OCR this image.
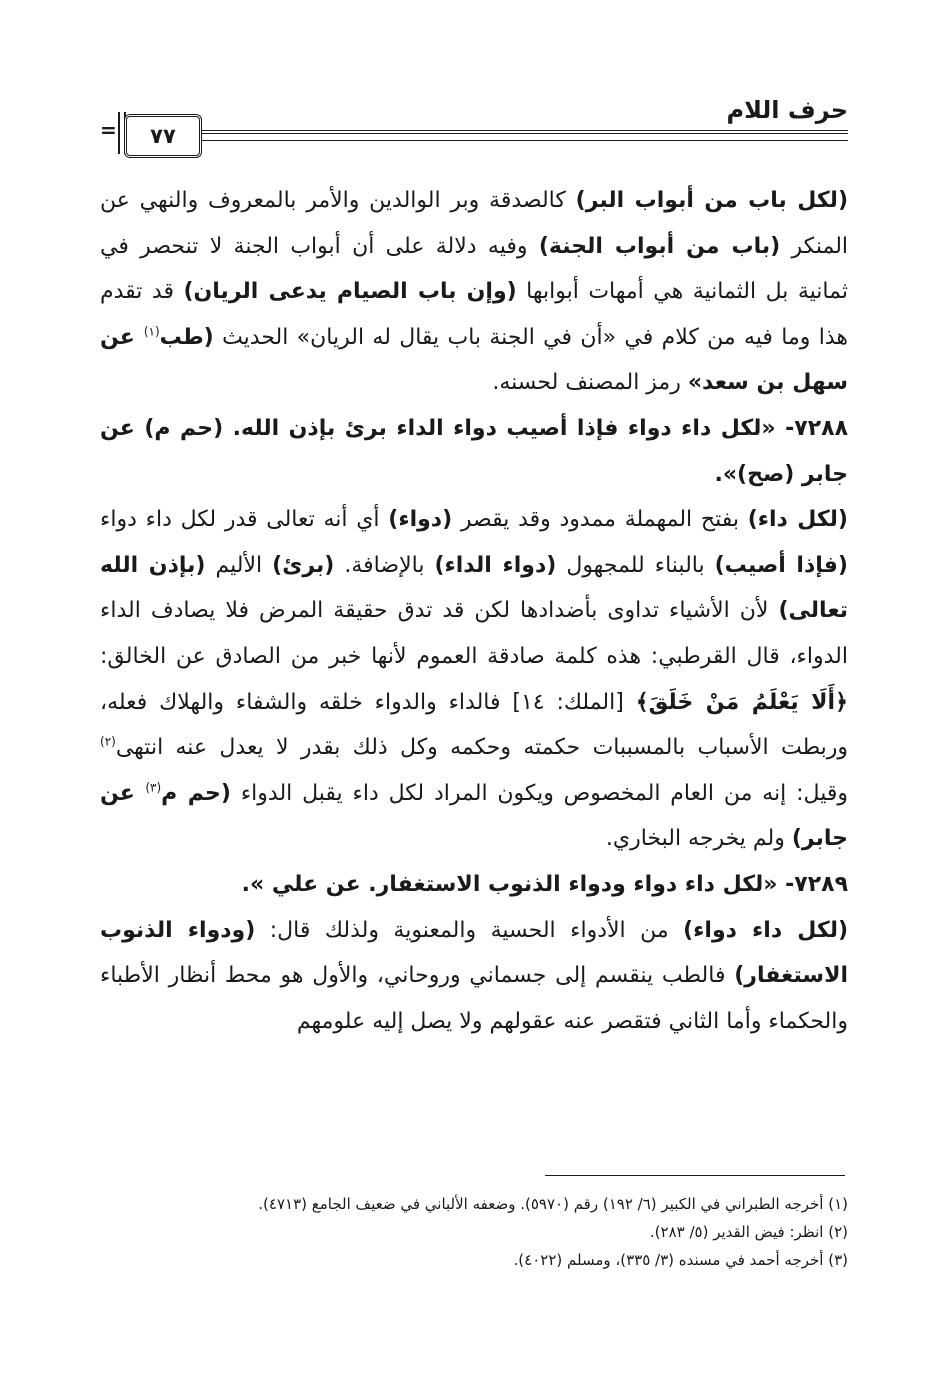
حرف اللام
٧٧
=

(لكل باب من أبواب البر) كالصدقة وبر الوالدين والأمر بالمعروف والنهي عن المنكر (باب من أبواب الجنة) وفيه دلالة على أن أبواب الجنة لا تنحصر في ثمانية بل الثمانية هي أمهات أبوابها (وإن باب الصيام يدعى الريان) قد تقدم هذا وما فيه من كلام في «أن في الجنة باب يقال له الريان» الحديث (طب$^{(١)}$ عن سهل بن سعد» رمز المصنف لحسنه.

٧٢٨٨- «لكل داء دواء فإذا أصيب دواء الداء برئ بإذن الله. (حم م) عن جابر (صح)».

(لكل داء) بفتح المهملة ممدود وقد يقصر (دواء) أي أنه تعالى قدر لكل داء دواء (فإذا أصيب) بالبناء للمجهول (دواء الداء) بالإضافة. (برئ) الأليم (بإذن الله تعالى) لأن الأشياء تداوى بأضدادها لكن قد تدق حقيقة المرض فلا يصادف الداء الدواء، قال القرطبي: هذه كلمة صادقة العموم لأنها خبر من الصادق عن الخالق: ﴿أَلَا يَعْلَمُ مَنْ خَلَقَ﴾ [الملك: ١٤] فالداء والدواء خلقه والشفاء والهلاك فعله، وربطت الأسباب بالمسببات حكمته وحكمه وكل ذلك بقدر لا يعدل عنه انتهى$^{(٢)}$ وقيل: إنه من العام المخصوص ويكون المراد لكل داء يقبل الدواء (حم م$^{(٣)}$ عن جابر) ولم يخرجه البخاري.

٧٢٨٩- «لكل داء دواء ودواء الذنوب الاستغفار. عن علي ».

(لكل داء دواء) من الأدواء الحسية والمعنوية ولذلك قال: (ودواء الذنوب الاستغفار) فالطب ينقسم إلى جسماني وروحاني، والأول هو محط أنظار الأطباء والحكماء وأما الثاني فتقصر عنه عقولهم ولا يصل إليه علومهم

(١) أخرجه الطبراني في الكبير (٦/ ١٩٢) رقم (٥٩٧٠). وضعفه الألباني في ضعيف الجامع (٤٧١٣).

(٢) انظر: فيض القدير (٥/ ٢٨٣).

(٣) أخرجه أحمد في مسنده (٣/ ٣٣٥)، ومسلم (٤٠٢٢).
